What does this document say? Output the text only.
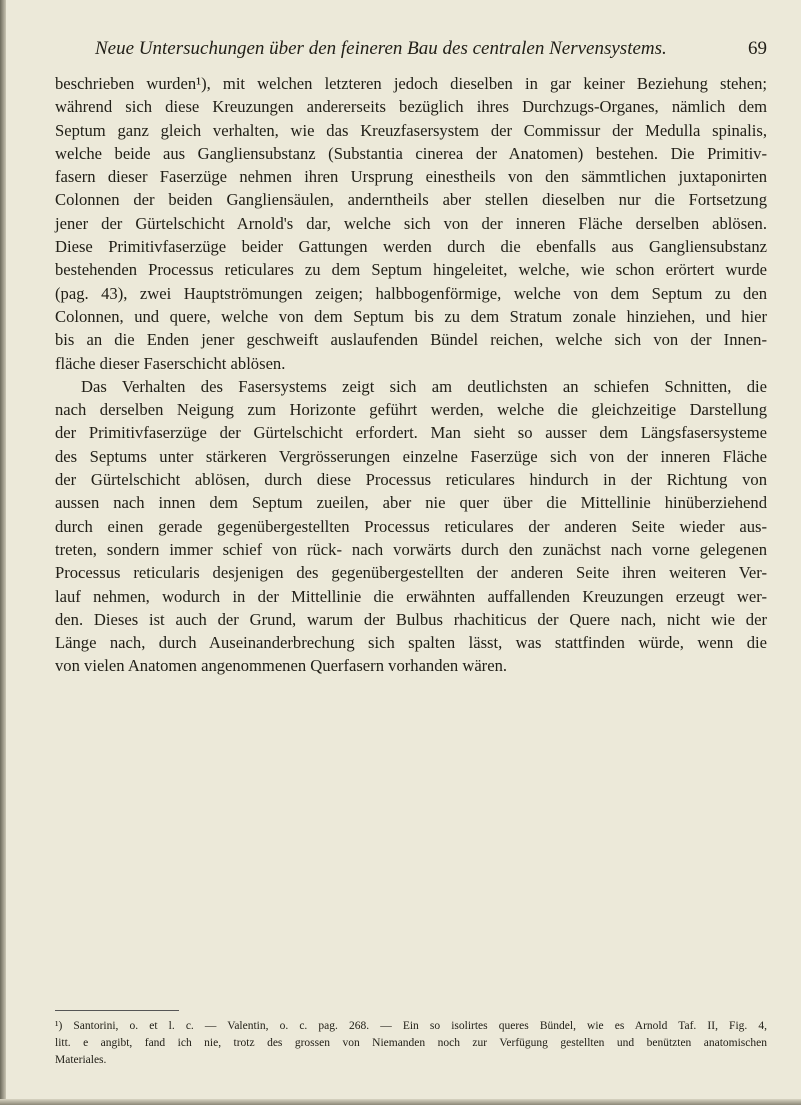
Neue Untersuchungen über den feineren Bau des centralen Nervensystems.	69
beschrieben wurden¹), mit welchen letzteren jedoch dieselben in gar keiner Beziehung stehen;
während sich diese Kreuzungen andererseits bezüglich ihres Durchzugs-Organes, nämlich dem
Septum ganz gleich verhalten, wie das Kreuzfasersystem der Commissur der Medulla spinalis,
welche beide aus Gangliensubstanz (Substantia cinerea der Anatomen) bestehen. Die Primitiv-
fasern dieser Faserzüge nehmen ihren Ursprung einestheils von den sämmtlichen juxtaponirten
Colonnen der beiden Gangliensäulen, anderntheils aber stellen dieselben nur die Fortsetzung
jener der Gürtelschicht Arnold's dar, welche sich von der inneren Fläche derselben ablösen.
Diese Primitivfaserzüge beider Gattungen werden durch die ebenfalls aus Gangliensubstanz
bestehenden Processus reticulares zu dem Septum hingeleitet, welche, wie schon erörtert wurde
(pag. 43), zwei Hauptströmungen zeigen; halbbogenförmige, welche von dem Septum zu den
Colonnen, und quere, welche von dem Septum bis zu dem Stratum zonale hinziehen, und hier
bis an die Enden jener geschweift auslaufenden Bündel reichen, welche sich von der Innen-
fläche dieser Faserschicht ablösen.
Das Verhalten des Fasersystems zeigt sich am deutlichsten an schiefen Schnitten, die
nach derselben Neigung zum Horizonte geführt werden, welche die gleichzeitige Darstellung
der Primitivfaserzüge der Gürtelschicht erfordert. Man sieht so ausser dem Längsfasersysteme
des Septums unter stärkeren Vergrösserungen einzelne Faserzüge sich von der inneren Fläche
der Gürtelschicht ablösen, durch diese Processus reticulares hindurch in der Richtung von
aussen nach innen dem Septum zueilen, aber nie quer über die Mittellinie hinüberziehend
durch einen gerade gegenübergestellten Processus reticulares der anderen Seite wieder aus-
treten, sondern immer schief von rück- nach vorwärts durch den zunächst nach vorne gelegenen
Processus reticularis desjenigen des gegenübergestellten der anderen Seite ihren weiteren Ver-
lauf nehmen, wodurch in der Mittellinie die erwähnten auffallenden Kreuzungen erzeugt wer-
den. Dieses ist auch der Grund, warum der Bulbus rhachiticus der Quere nach, nicht wie der
Länge nach, durch Auseinanderbrechung sich spalten lässt, was stattfinden würde, wenn die
von vielen Anatomen angenommenen Querfasern vorhanden wären.
¹) Santorini, o. et l. c. — Valentin, o. c. pag. 268. — Ein so isolirtes queres Bündel, wie es Arnold Taf. II, Fig. 4,
litt. e angibt, fand ich nie, trotz des grossen von Niemanden noch zur Verfügung gestellten und benützten anatomischen
Materiales.
